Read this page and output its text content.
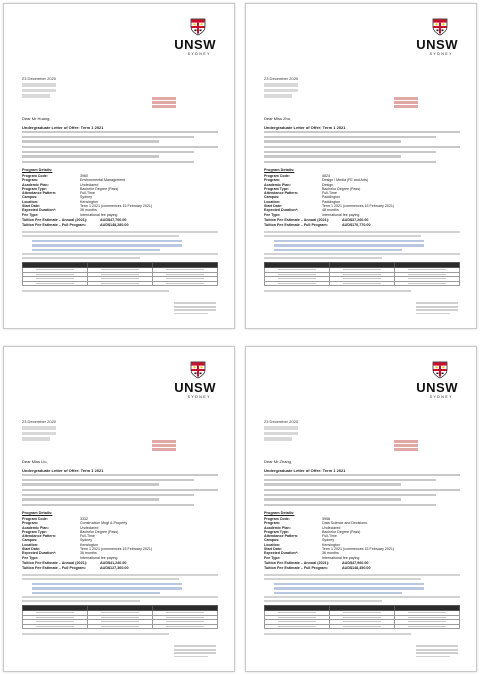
UNSW
SYDNEY
23 December 2020
Dear Mr Huang,
Undergraduate Letter of Offer: Term 1 2021
Program Details:
Program Code:	3960
Program:	Environmental Management
Academic Plan:	Undeclared
Program Type:	Bachelor Degree (Pass)
Attendance Pattern:	Full-Time
Campus:	Sydney
Location:	Kensington
Start Date:	Term 1 2021 (commences 15 February 2021)
Expected Duration*:	36 months
Fee Type:	International fee paying
Tuition Fee Estimate – Annual (2021):	AUD$47,760.00
Tuition Fee Estimate – Full Program:	AUD$148,280.00

UNSW
SYDNEY
23 December 2020
Dear Miss Zhu,
Undergraduate Letter of Offer: Term 1 2021
Program Details:
Program Code:	4824
Program:	Design / Media (FE and Arts)
Academic Plan:	Design
Program Type:	Bachelor Degree (Pass)
Attendance Pattern:	Full-Time
Campus:	Paddington
Location:	Paddington
Start Date:	Term 1 2021 (commences 15 February 2021)
Expected Duration*:	48 months
Fee Type:	International fee paying
Tuition Fee Estimate – Annual (2021):	AUD$37,260.00
Tuition Fee Estimate – Full Program:	AUD$170,770.00

UNSW
SYDNEY
23 December 2020
Dear Miss Liu,
Undergraduate Letter of Offer: Term 1 2021
Program Details:
Program Code:	3332
Program:	Construction Mngt & Property
Academic Plan:	Undeclared
Program Type:	Bachelor Degree (Pass)
Attendance Pattern:	Full-Time
Campus:	Sydney
Location:	Kensington
Start Date:	Term 1 2021 (commences 15 February 2021)
Expected Duration*:	36 months
Fee Type:	International fee paying
Tuition Fee Estimate – Annual (2021):	AUD$41,240.00
Tuition Fee Estimate – Full Program:	AUD$127,360.00

UNSW
SYDNEY
23 December 2020
Dear Mr Zhang,
Undergraduate Letter of Offer: Term 1 2021
Program Details:
Program Code:	3958
Program:	Data Science and Decisions
Academic Plan:	Undeclared
Program Type:	Bachelor Degree (Pass)
Attendance Pattern:	Full-Time
Campus:	Sydney
Location:	Kensington
Start Date:	Term 1 2021 (commences 15 February 2021)
Expected Duration*:	36 months
Fee Type:	International fee paying
Tuition Fee Estimate – Annual (2021):	AUD$47,960.00
Tuition Fee Estimate – Full Program:	AUD$148,450.00
